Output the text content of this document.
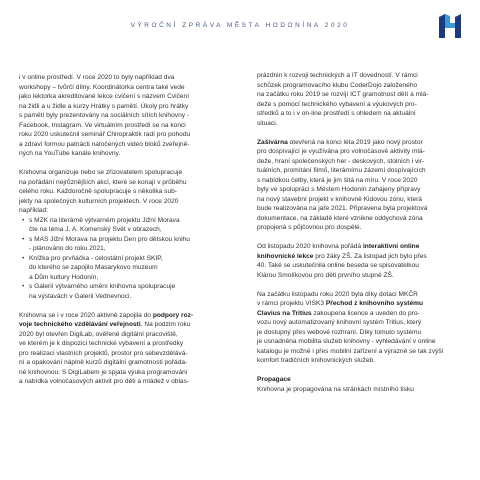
VÝROČNÍ ZPRÁVA MĚSTA HODONÍNA 2020

i v online prostředí. V roce 2020 to byly například dva

workshopy – tvůrčí dílny. Koordinátorka centra také vede

jako lektorka akreditované lekce cvičení s názvem Cvičení

na židli a u židle a kurzy Hrátky s pamětí. Úkoly pro hrátky

s pamětí byly prezentovány na sociálních sítích knihovny -

Facebook, Instagram. Ve virtuálním prostředí se na konci

roku 2020 uskutečnil seminář Chiropraktik radí pro pohodu

a zdraví formou patnácti natočených video bloků zveřejně-

ných na YouTube kanále knihovny.

Knihovna organizuje nebo se zřizovatelem spolupracuje

na pořádání nejrůznějších akcí, které se konají v průběhu

celého roku. Každoročně spolupracuje s několika sub-

jekty na společných kulturních projektech. V roce 2020

například:

• s MZK na literárně výtvarném projektu Jižní Morava

čte na téma J. A. Komenský Svět v obrazech,

• s MAS Jižní Morava na projektu Den pro dětskou knihu

- plánováno do roku 2021,

• Knížka pro prvňáčka - celostátní projekt SKIP,

do kterého se zapojilo Masarykovo muzeum

a Dům kultury Hodonín,

• s Galerií výtvarného umění knihovna spolupracuje

na výstavách v Galerii Vednevnoci.

Knihovna se i v roce 2020 aktivně zapojila do podpory roz-

voje technického vzdělávání veřejnosti. Na podzim roku

2020 byl otevřen DigiLab, ověřené digitální pracoviště,

ve kterém je k dispozici technické vybavení a prostředky

pro realizaci vlastních projektů, prostor pro sebevzdělává-

ní a opakování náplně kurzů digitální gramotnosti pořáda-

né knihovnou. S DigiLabem je spjata výuka programování

a nabídka volnočasových aktivit pro děti a mládež v oblas-

prázdnin k rozvoji technických a IT dovedností. V rámci

schůzek programovacího klubu CoderDojo založeného

na začátku roku 2019 se rozvíjí ICT gramotnost dětí a mlá-

deže s pomocí technického vybavení a výukových pro-

středků a to i v on-line prostředí s ohledem na aktuální

situaci.

Zašívárna otevřená na konci léta 2019 jako nový prostor

pro dospívající je využívána pro volnočasové aktivity mlá-

deže, hraní společenských her - deskových, stolních i vir-

tuálních, promítání filmů, literárnímu zázemí dospívajících

s nabídkou četby, která je jim šitá na míru. V roce 2020

byly ve spolupráci s Městem Hodonín zahájeny přípravy

na nový stavební projekt v knihovně Kidovou zónu, která

bude realizována na jaře 2021. Připravena byla projektová

dokumentace, na základě které vznikne oddychová zóna

propojená s půjčovnou pro dospělé.

Od listopadu 2020 knihovna pořádá interaktivní online

knihovnické lekce pro žáky ZŠ. Za listopad jich bylo přes

40. Také se uskutečnila online beseda se spisovatelkou

Klárou Smolíkovou pro děti prvního stupně ZŠ.

Na začátku listopadu roku 2020 byla díky dotaci MKČR

v rámci projektu VISK3 Přechod z knihovního systému

Clavius na Tritius zakoupena licence a uveden do pro-

vozu nový automatizovaný knihovní systém Tritius, který

je dostupný přes webové rozhraní. Díky tomuto systému

je usnadněna mobilita služeb knihovny - vyhledávání v online

katalogu je možné i přes mobilní zařízení a výrazně se tak zvýší

komfort tradičních knihovnických služeb.

Propagace

Knihovna je propagována na stránkách místního tisku
